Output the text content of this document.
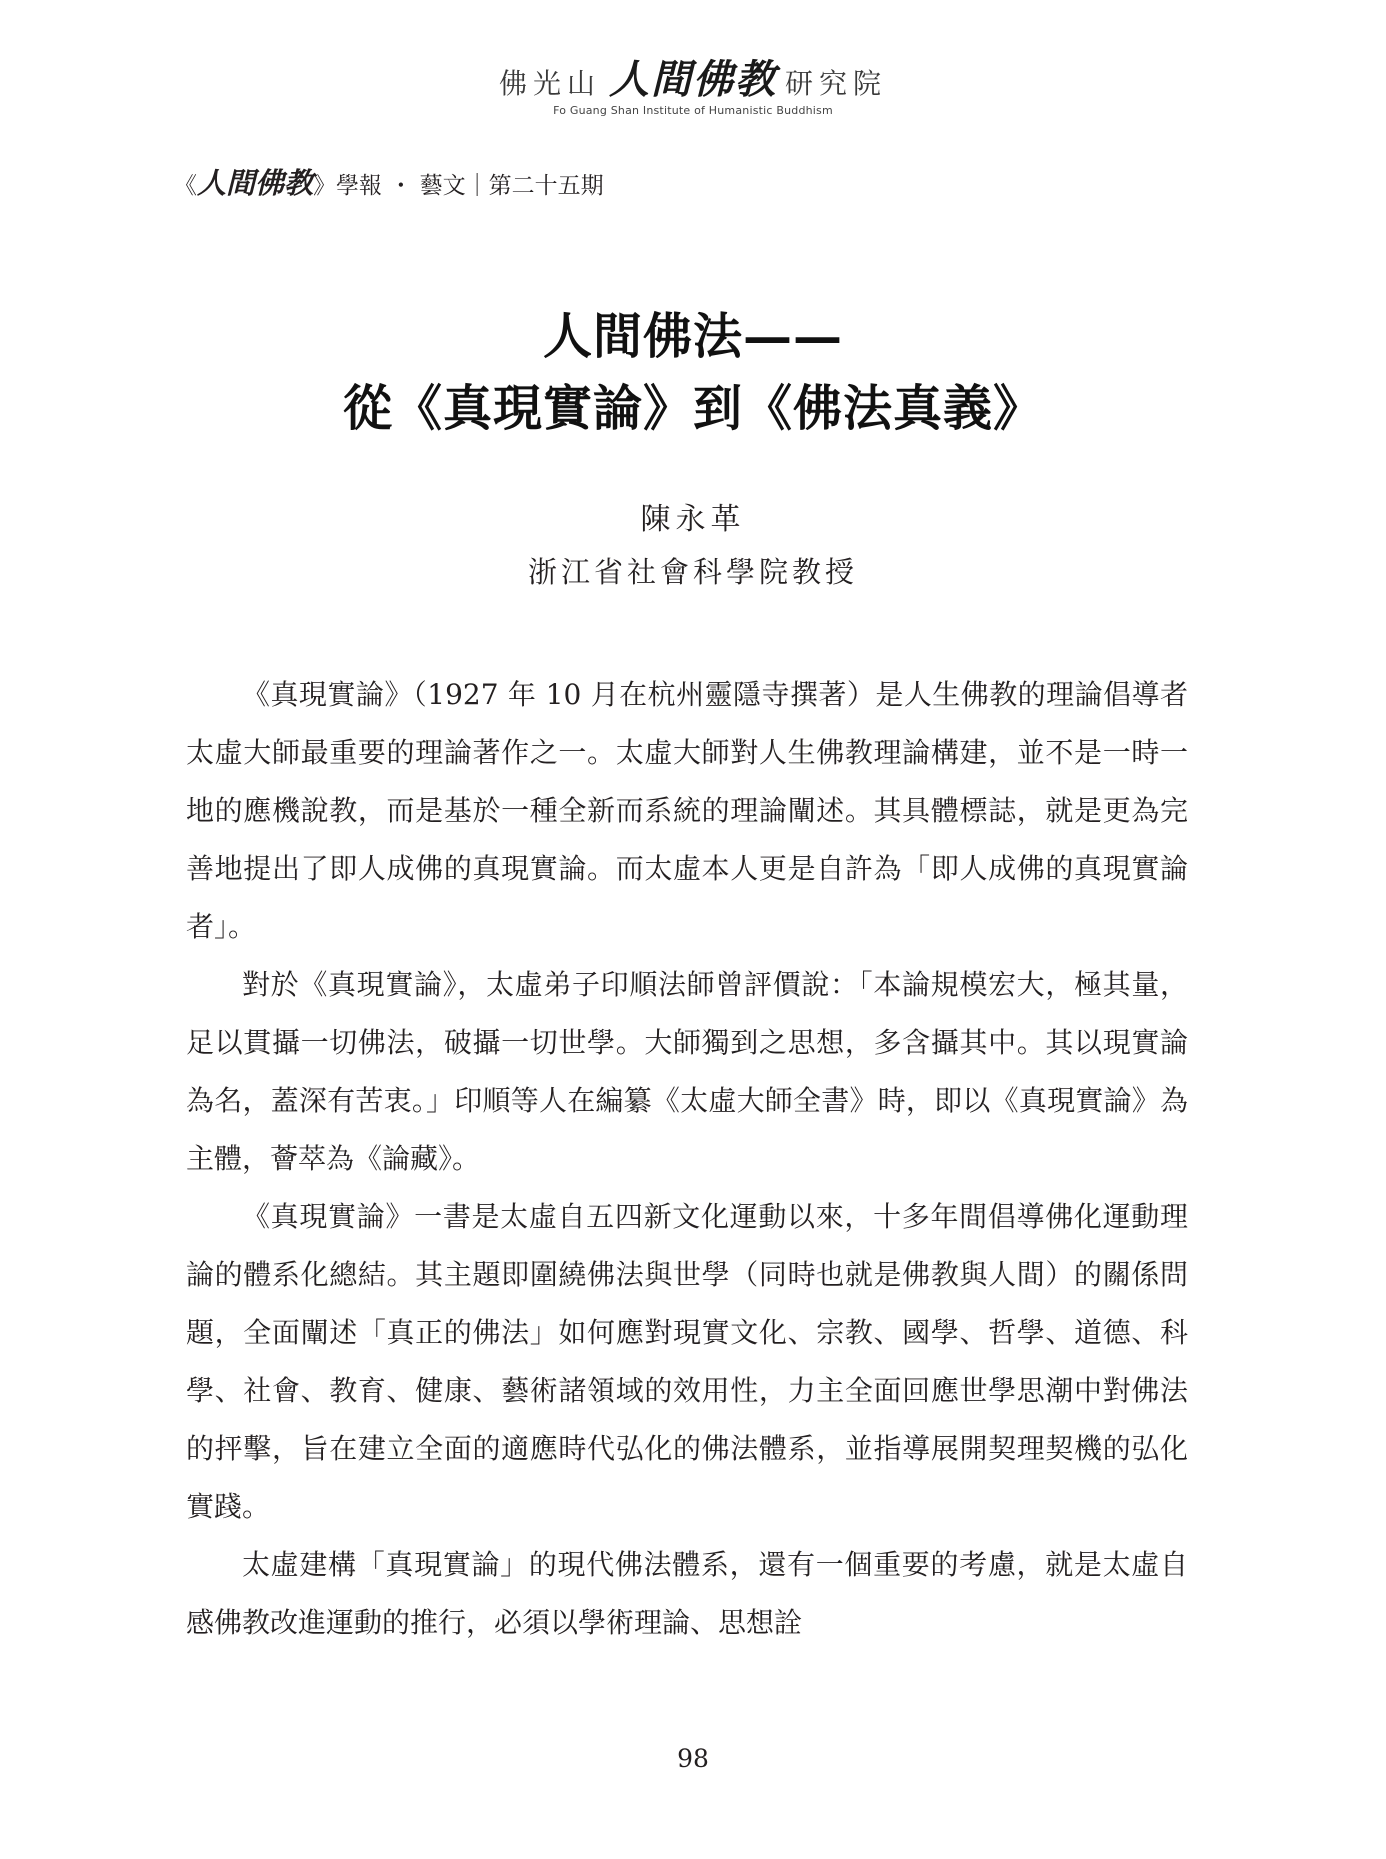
佛光山 人間佛教 研究院
Fo Guang Shan Institute of Humanistic Buddhism
《人間佛教》學報 ・ 藝文｜第二十五期
人間佛法——
從《真現實論》到《佛法真義》
陳永革
浙江省社會科學院教授

《真現實論》（1927 年 10 月在杭州靈隱寺撰著）是人生佛教的理論倡導者太虛大師最重要的理論著作之一。太虛大師對人生佛教理論構建，並不是一時一地的應機說教，而是基於一種全新而系統的理論闡述。其具體標誌，就是更為完善地提出了即人成佛的真現實論。而太虛本人更是自許為「即人成佛的真現實論者」。

對於《真現實論》，太虛弟子印順法師曾評價說：「本論規模宏大，極其量，足以貫攝一切佛法，破攝一切世學。大師獨到之思想，多含攝其中。其以現實論為名，蓋深有苦衷。」印順等人在編纂《太虛大師全書》時，即以《真現實論》為主體，薈萃為《論藏》。

《真現實論》一書是太虛自五四新文化運動以來，十多年間倡導佛化運動理論的體系化總結。其主題即圍繞佛法與世學（同時也就是佛教與人間）的關係問題，全面闡述「真正的佛法」如何應對現實文化、宗教、國學、哲學、道德、科學、社會、教育、健康、藝術諸領域的效用性，力主全面回應世學思潮中對佛法的抨擊，旨在建立全面的適應時代弘化的佛法體系，並指導展開契理契機的弘化實踐。

太虛建構「真現實論」的現代佛法體系，還有一個重要的考慮，就是太虛自感佛教改進運動的推行，必須以學術理論、思想詮

98
